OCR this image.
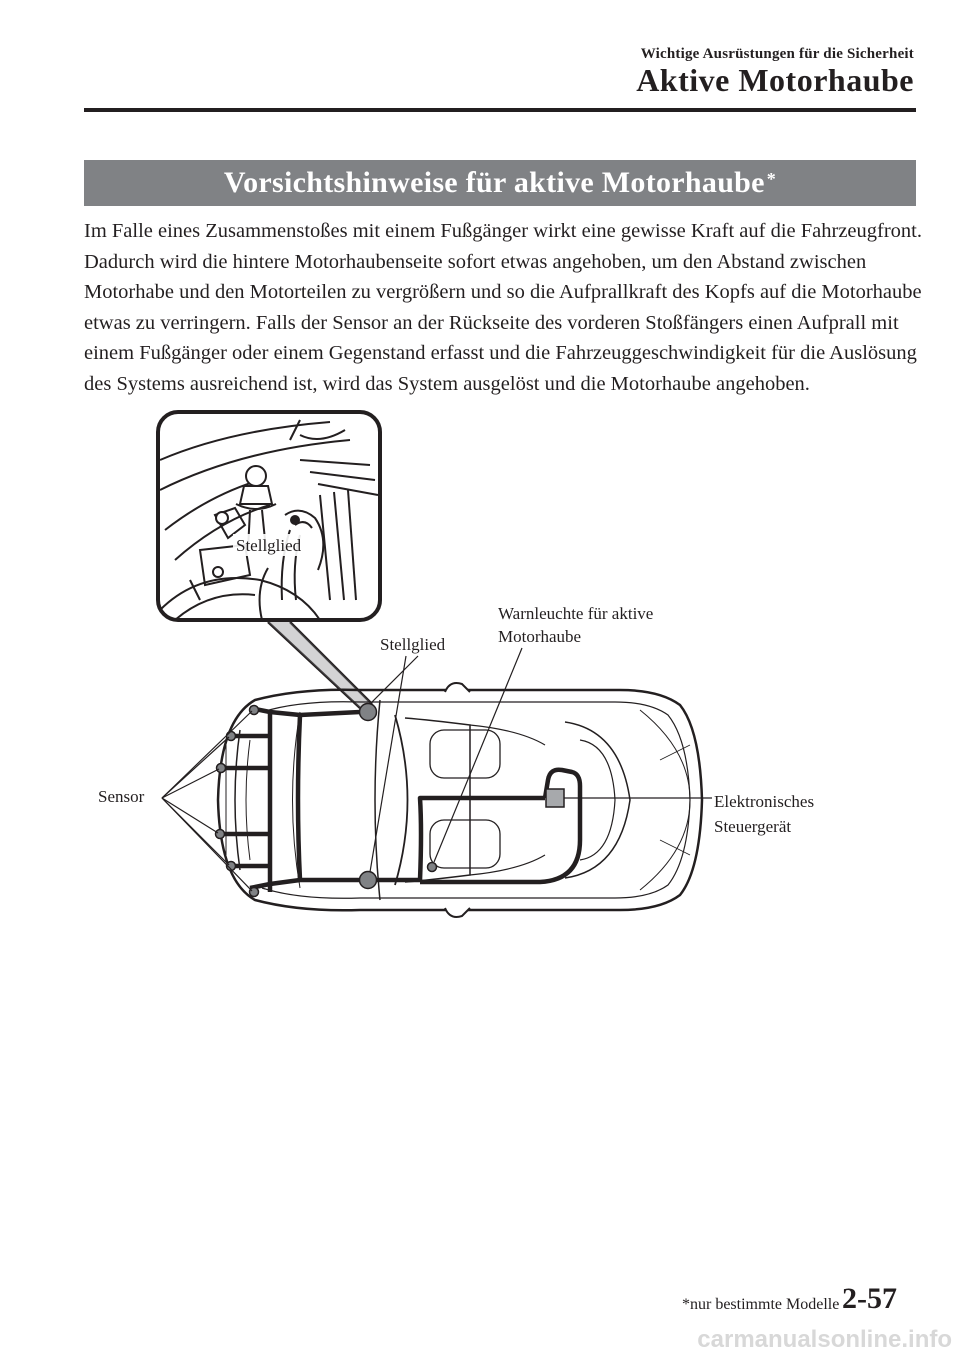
Wichtige Ausrüstungen für die Sicherheit
Aktive Motorhaube
Vorsichtshinweise für aktive Motorhaube*

Im Falle eines Zusammenstoßes mit einem Fußgänger wirkt eine gewisse Kraft auf die Fahrzeugfront. Dadurch wird die hintere Motorhaubenseite sofort etwas angehoben, um den Abstand zwischen Motorhabe und den Motorteilen zu vergrößern und so die Aufprallkraft des Kopfs auf die Motorhaube etwas zu verringern. Falls der Sensor an der Rückseite des vorderen Stoßfängers einen Aufprall mit einem Fußgänger oder einem Gegenstand erfasst und die Fahrzeuggeschwindigkeit für die Auslösung des Systems ausreichend ist, wird das System ausgelöst und die Motorhaube angehoben.

Stellglied
Stellglied
Warnleuchte für aktive
Motorhaube
Sensor	Elektronisches
Steuergerät
*nur bestimmte Modelle 2-57
carmanualsonline.info
